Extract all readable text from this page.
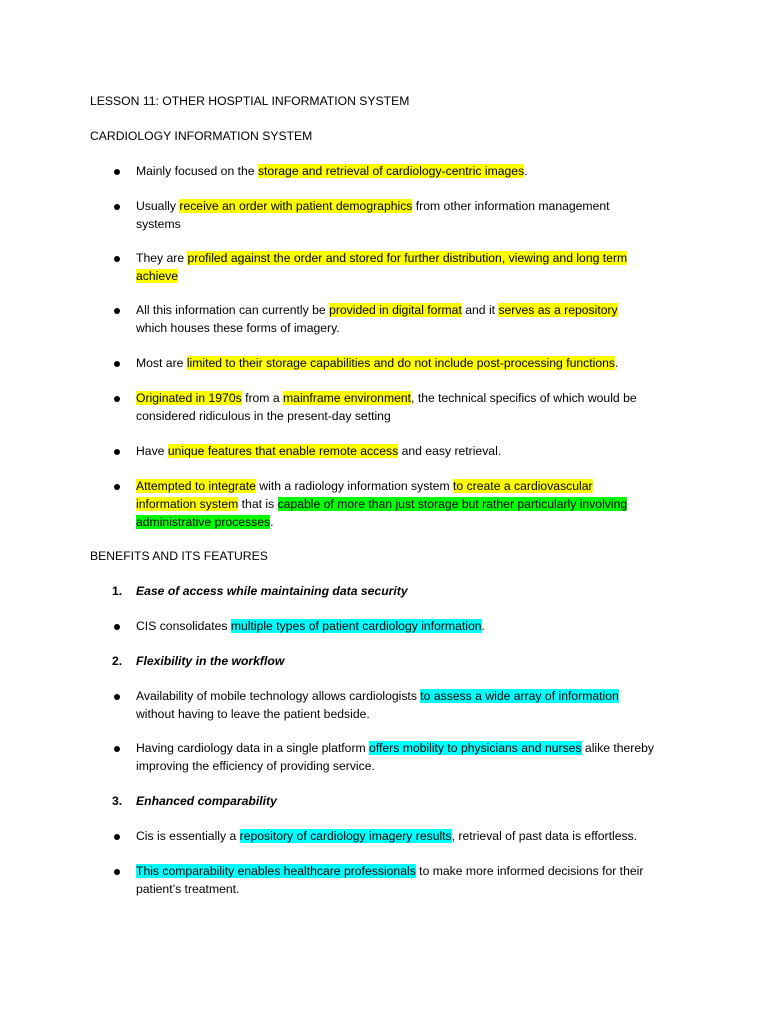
LESSON 11: OTHER HOSPTIAL INFORMATION SYSTEM
CARDIOLOGY INFORMATION SYSTEM
Mainly focused on the storage and retrieval of cardiology-centric images.
Usually receive an order with patient demographics from other information management
systems
They are profiled against the order and stored for further distribution, viewing and long term
achieve
All this information can currently be provided in digital format and it serves as a repository
which houses these forms of imagery.
Most are limited to their storage capabilities and do not include post-processing functions.
Originated in 1970s from a mainframe environment, the technical specifics of which would be
considered ridiculous in the present-day setting
Have unique features that enable remote access and easy retrieval.
Attempted to integrate with a radiology information system to create a cardiovascular
information system that is capable of more than just storage but rather particularly involving
administrative processes.
BENEFITS AND ITS FEATURES
1. Ease of access while maintaining data security
CIS consolidates multiple types of patient cardiology information.
2. Flexibility in the workflow
Availability of mobile technology allows cardiologists to assess a wide array of information
without having to leave the patient bedside.
Having cardiology data in a single platform offers mobility to physicians and nurses alike thereby
improving the efficiency of providing service.
3. Enhanced comparability
Cis is essentially a repository of cardiology imagery results, retrieval of past data is effortless.
This comparability enables healthcare professionals to make more informed decisions for their
patient’s treatment.
